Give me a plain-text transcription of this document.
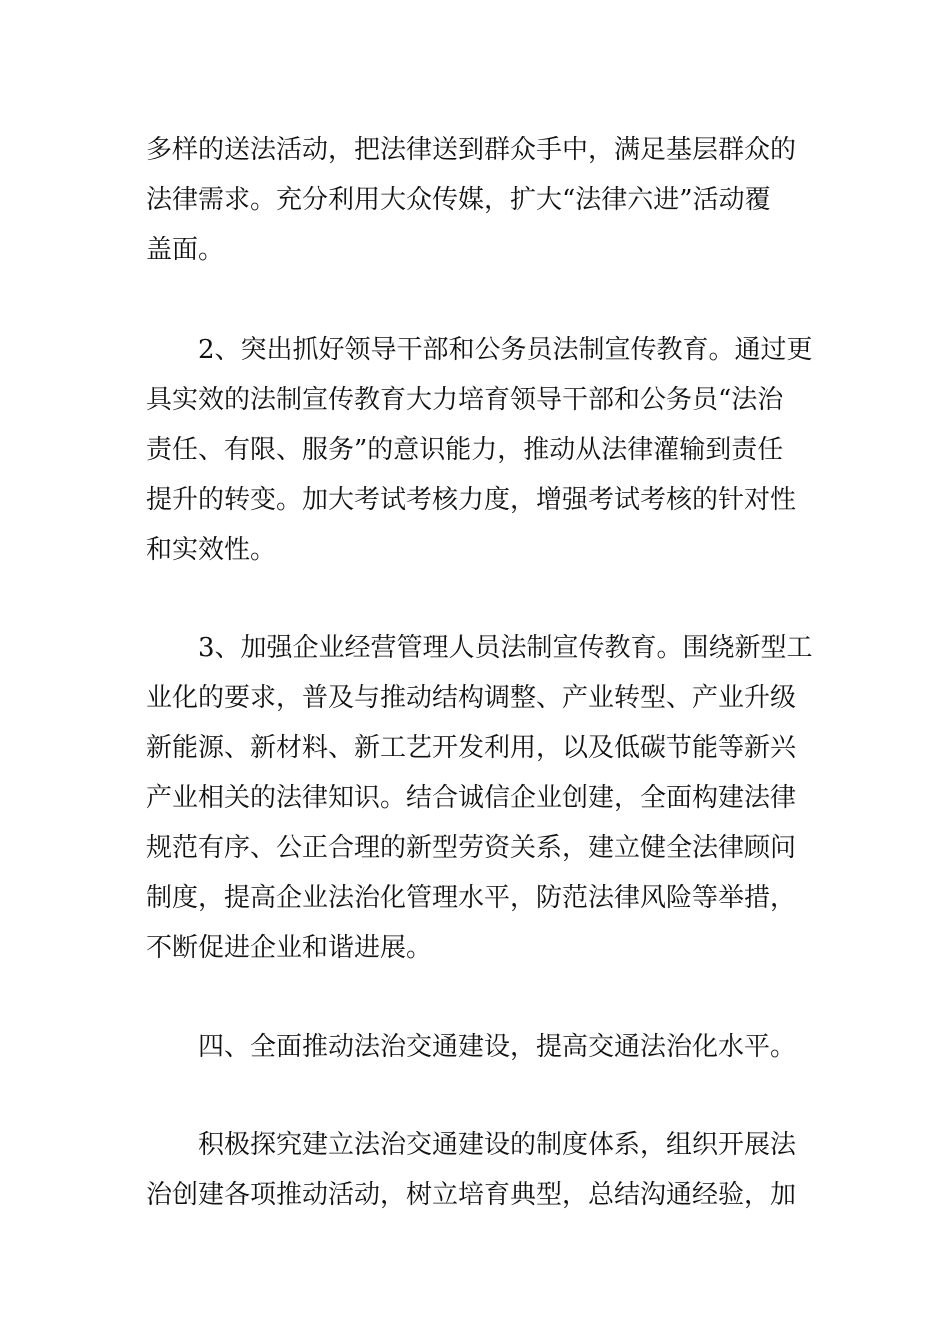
多样的送法活动，把法律送到群众手中，满足基层群众的
法律需求。充分利用大众传媒，扩大“法律六进”活动覆
盖面。

2、突出抓好领导干部和公务员法制宣传教育。通过更
具实效的法制宣传教育大力培育领导干部和公务员“法治
责任、有限、服务”的意识能力，推动从法律灌输到责任
提升的转变。加大考试考核力度，增强考试考核的针对性
和实效性。

3、加强企业经营管理人员法制宣传教育。围绕新型工
业化的要求，普及与推动结构调整、产业转型、产业升级
新能源、新材料、新工艺开发利用，以及低碳节能等新兴
产业相关的法律知识。结合诚信企业创建，全面构建法律
规范有序、公正合理的新型劳资关系，建立健全法律顾问
制度，提高企业法治化管理水平，防范法律风险等举措，
不断促进企业和谐进展。

四、全面推动法治交通建设，提高交通法治化水平。

积极探究建立法治交通建设的制度体系，组织开展法
治创建各项推动活动，树立培育典型，总结沟通经验，加
